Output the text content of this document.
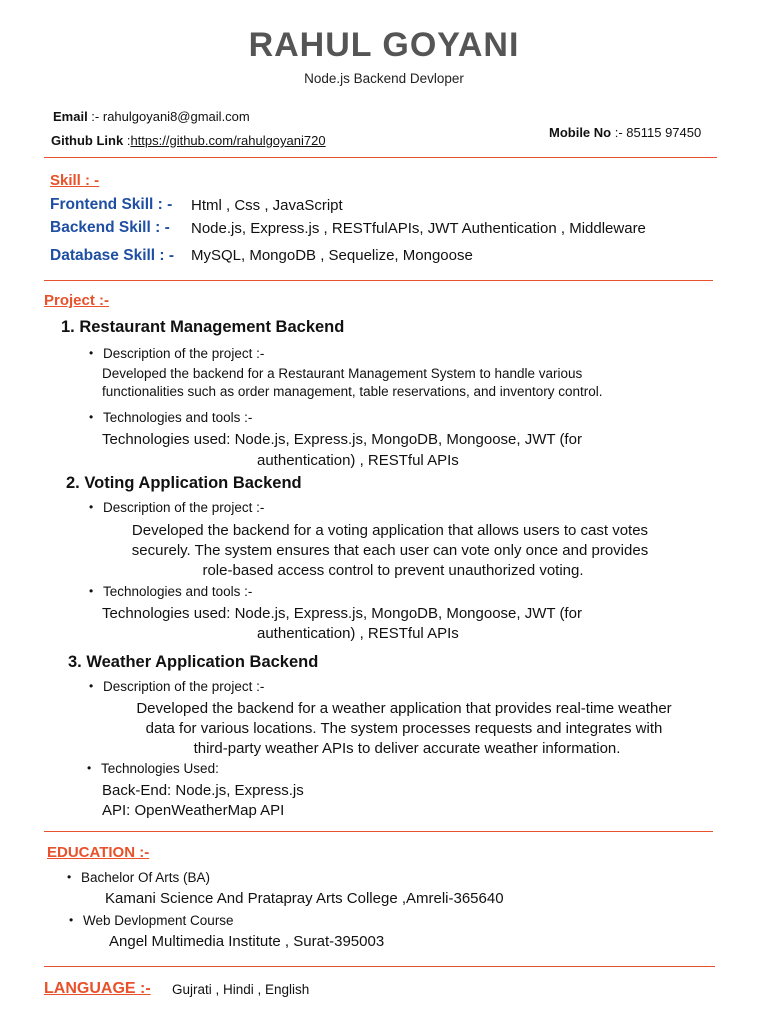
RAHUL GOYANI
Node.js Backend Devloper
Email :- rahulgoyani8@gmail.com
Github Link :https://github.com/rahulgoyani720
Mobile No :- 85115 97450
Skill : -
Frontend Skill : - Html , Css , JavaScript
Backend Skill : - Node.js, Express.js , RESTfulAPIs, JWT Authentication , Middleware
Database Skill : - MySQL, MongoDB , Sequelize, Mongoose
Project :-
1. Restaurant Management Backend
• Description of the project :-
Developed the backend for a Restaurant Management System to handle various
functionalities such as order management, table reservations, and inventory control.
• Technologies and tools :-
Technologies used: Node.js, Express.js, MongoDB, Mongoose, JWT (for
authentication) , RESTful APIs
2. Voting Application Backend
• Description of the project :-
Developed the backend for a voting application that allows users to cast votes
securely. The system ensures that each user can vote only once and provides
role-based access control to prevent unauthorized voting.
• Technologies and tools :-
Technologies used: Node.js, Express.js, MongoDB, Mongoose, JWT (for
authentication) , RESTful APIs
3. Weather Application Backend
• Description of the project :-
Developed the backend for a weather application that provides real-time weather
data for various locations. The system processes requests and integrates with
third-party weather APIs to deliver accurate weather information.
• Technologies Used:
Back-End: Node.js, Express.js
API: OpenWeatherMap API
EDUCATION :-
• Bachelor Of Arts (BA)
Kamani Science And Pratapray Arts College ,Amreli-365640
• Web Devlopment Course
Angel Multimedia Institute , Surat-395003
LANGUAGE :- Gujrati , Hindi , English
